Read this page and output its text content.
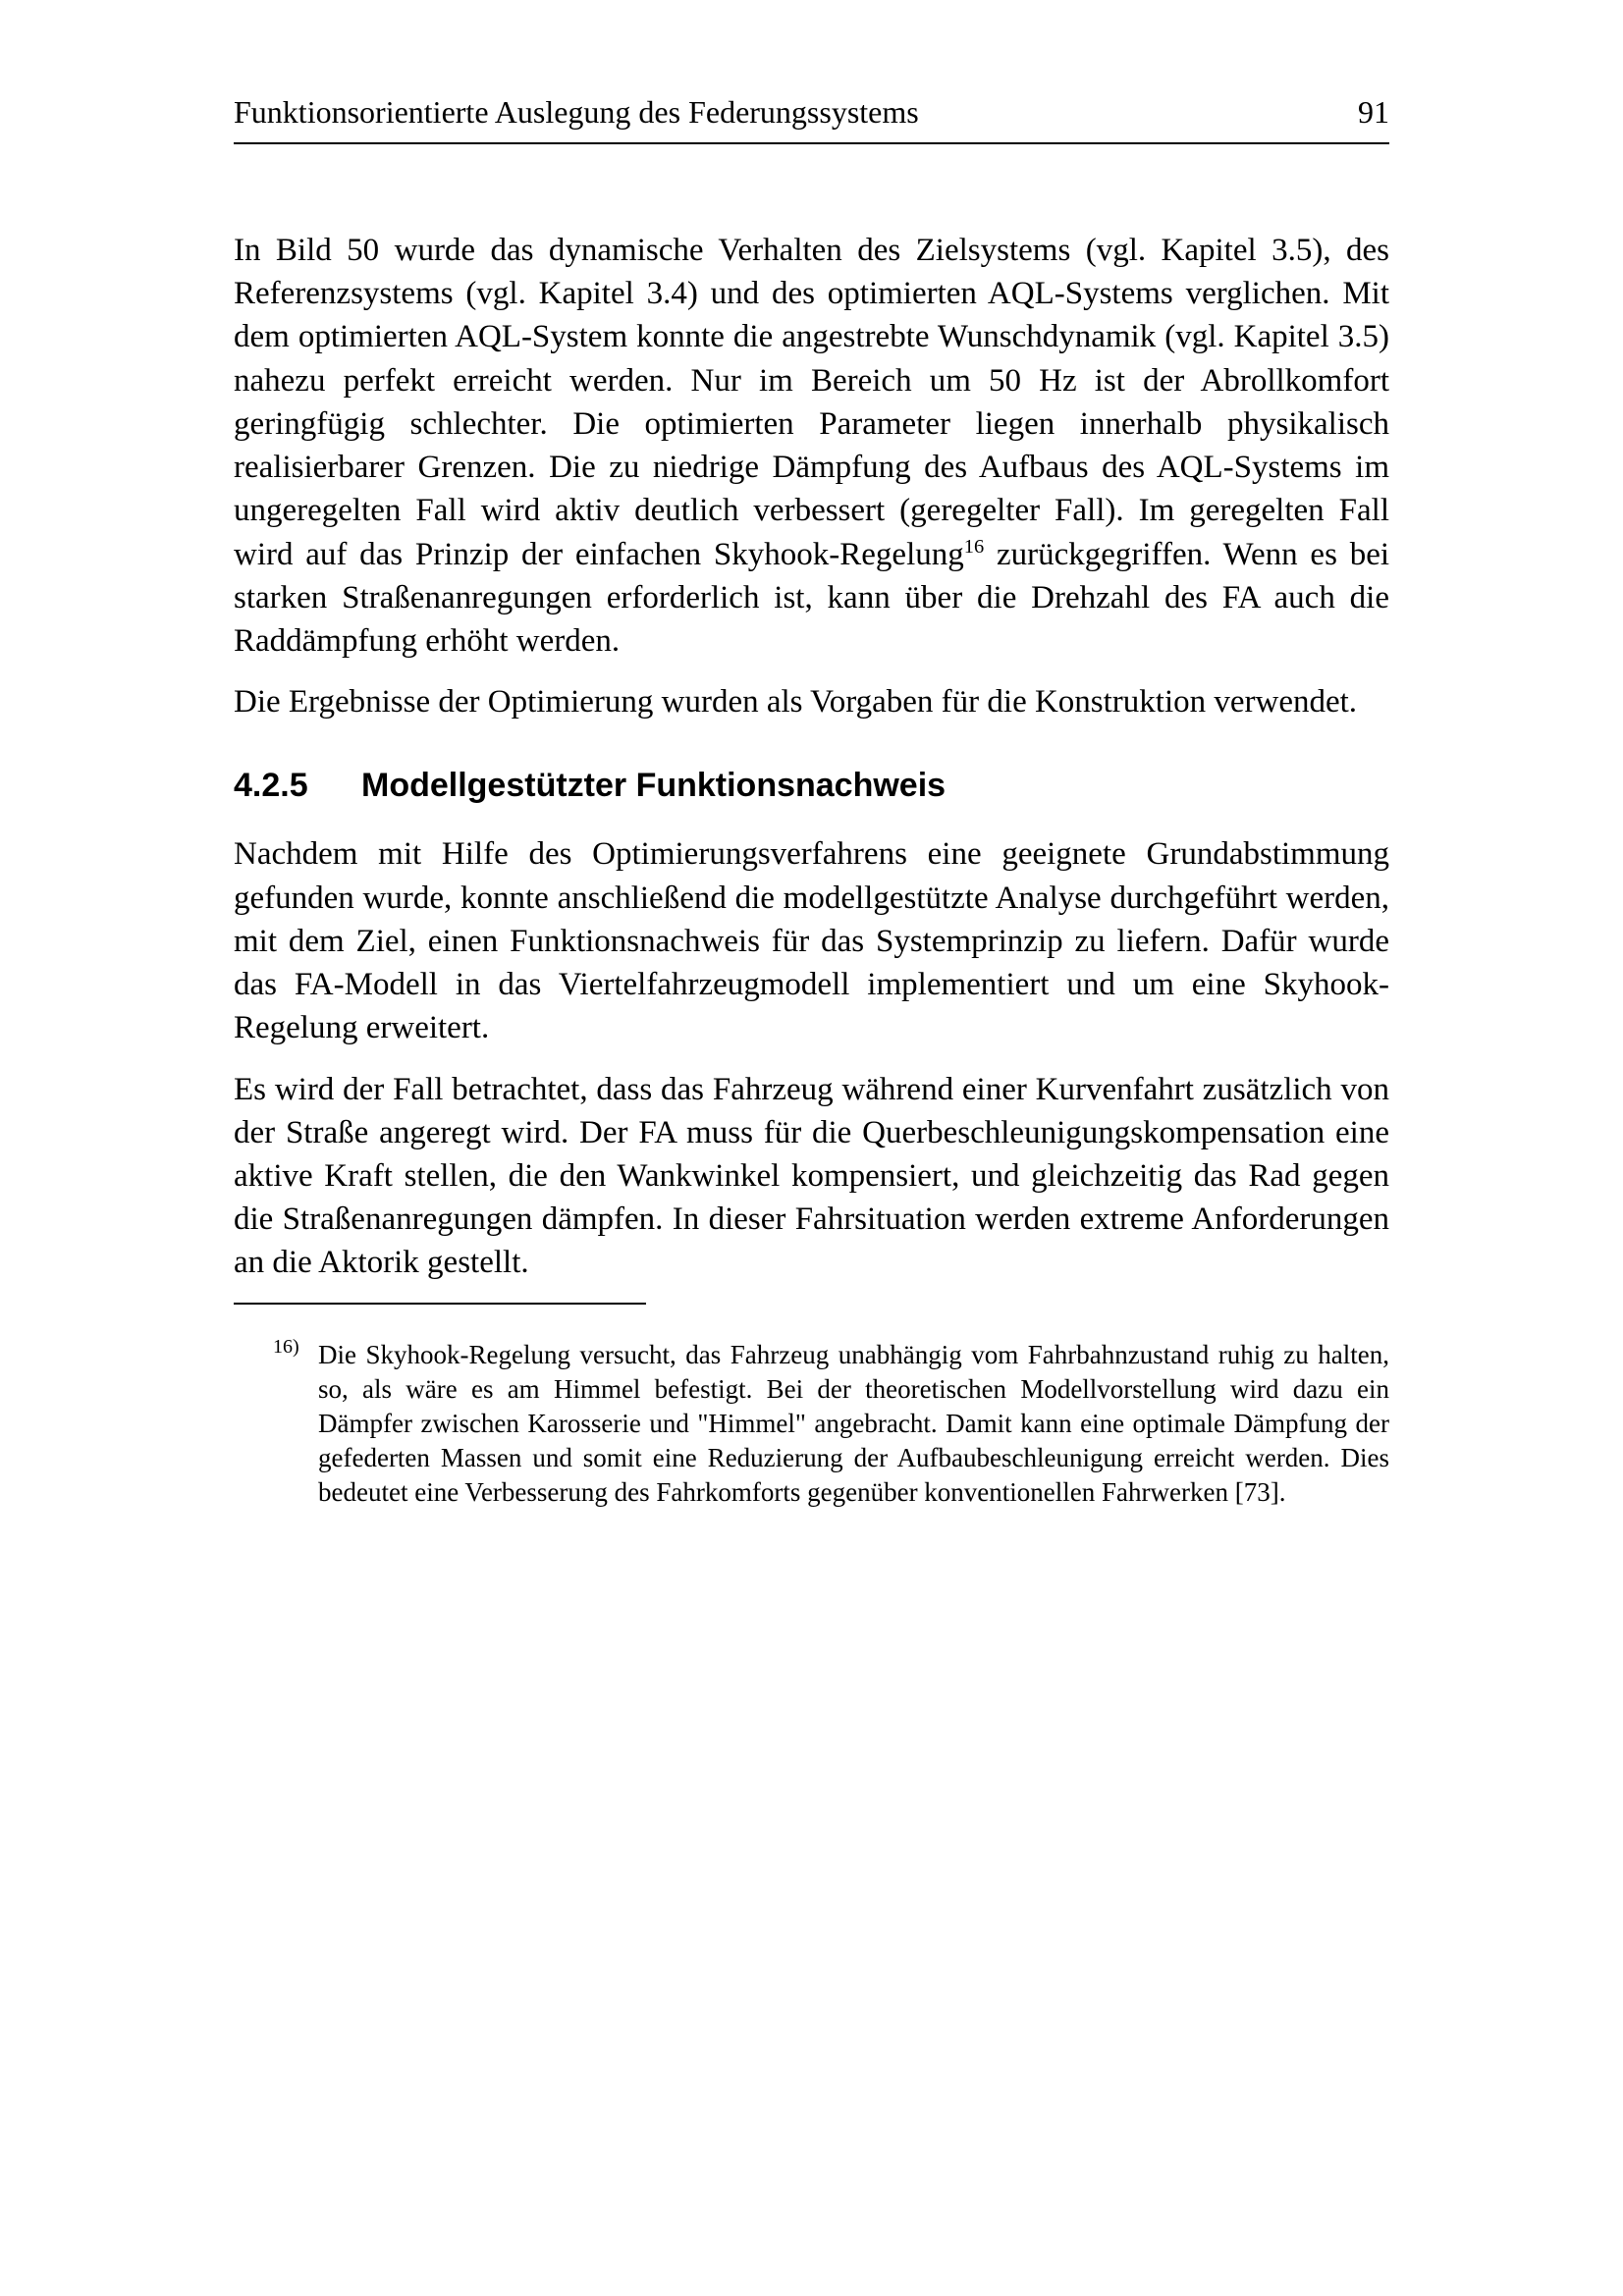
Funktionsorientierte Auslegung des Federungssystems	91

In Bild 50 wurde das dynamische Verhalten des Zielsystems (vgl. Kapitel 3.5), des Referenzsystems (vgl. Kapitel 3.4) und des optimierten AQL-Systems verglichen. Mit dem optimierten AQL-System konnte die angestrebte Wunschdynamik (vgl. Kapitel 3.5) nahezu perfekt erreicht werden. Nur im Bereich um 50 Hz ist der Abrollkomfort geringfügig schlechter. Die optimierten Parameter liegen innerhalb physikalisch realisierbarer Grenzen. Die zu niedrige Dämpfung des Aufbaus des AQL-Systems im ungeregelten Fall wird aktiv deutlich verbessert (geregelter Fall). Im geregelten Fall wird auf das Prinzip der einfachen Skyhook-Regelung$^{16}$ zurückgegriffen. Wenn es bei starken Straßenanregungen erforderlich ist, kann über die Drehzahl des FA auch die Raddämpfung erhöht werden.

Die Ergebnisse der Optimierung wurden als Vorgaben für die Konstruktion verwendet.

4.2.5	Modellgestützter Funktionsnachweis

Nachdem mit Hilfe des Optimierungsverfahrens eine geeignete Grundabstimmung gefunden wurde, konnte anschließend die modellgestützte Analyse durchgeführt werden, mit dem Ziel, einen Funktionsnachweis für das Systemprinzip zu liefern. Dafür wurde das FA-Modell in das Viertelfahrzeugmodell implementiert und um eine Skyhook-Regelung erweitert.

Es wird der Fall betrachtet, dass das Fahrzeug während einer Kurvenfahrt zusätzlich von der Straße angeregt wird. Der FA muss für die Querbeschleunigungskompensation eine aktive Kraft stellen, die den Wankwinkel kompensiert, und gleichzeitig das Rad gegen die Straßenanregungen dämpfen. In dieser Fahrsituation werden extreme Anforderungen an die Aktorik gestellt.

16) Die Skyhook-Regelung versucht, das Fahrzeug unabhängig vom Fahrbahnzustand ruhig zu halten, so, als wäre es am Himmel befestigt. Bei der theoretischen Modellvorstellung wird dazu ein Dämpfer zwischen Karosserie und "Himmel" angebracht. Damit kann eine optimale Dämpfung der gefederten Massen und somit eine Reduzierung der Aufbaubeschleunigung erreicht werden. Dies bedeutet eine Verbesserung des Fahrkomforts gegenüber konventionellen Fahrwerken [73].
